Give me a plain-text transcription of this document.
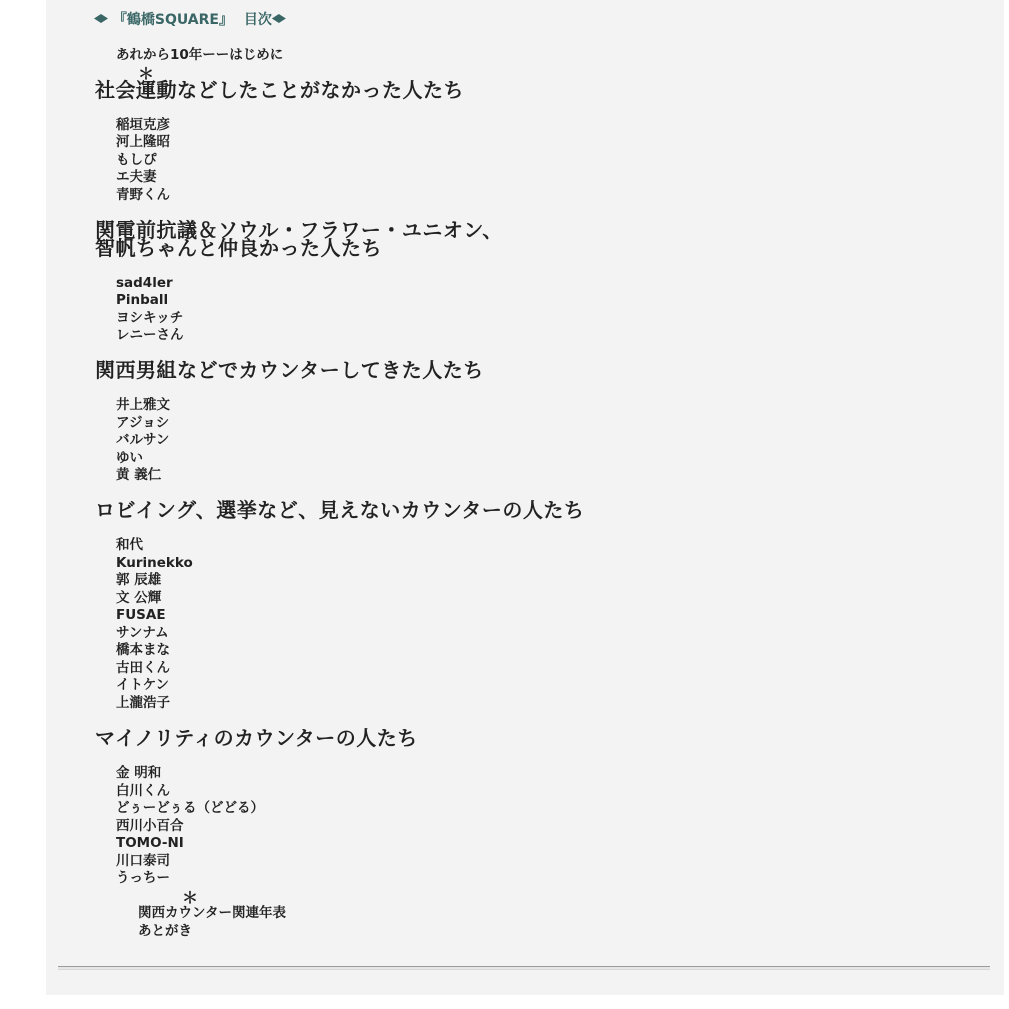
『鶴橋SQUARE』 目次
あれから10年ーーはじめに
＊
社会運動などしたことがなかった人たち
稲垣克彦
河上隆昭
もしぴ
エ夫妻
青野くん
関電前抗議＆ソウル・フラワー・ユニオン、
智帆ちゃんと仲良かった人たち
sad4ler
Pinball
ヨシキッチ
レニーさん
関西男組などでカウンターしてきた人たち
井上雅文
アジョシ
バルサン
ゆい
黄 義仁
ロビイング、選挙など、見えないカウンターの人たち
和代
Kurinekko
郭 辰雄
文 公輝
FUSAE
サンナム
橋本まな
古田くん
イトケン
上瀧浩子
マイノリティのカウンターの人たち
金 明和
白川くん
どぅーどぅる（どどる）
西川小百合
TOMO-NI
川口泰司
うっちー
＊
関西カウンター関連年表
あとがき
